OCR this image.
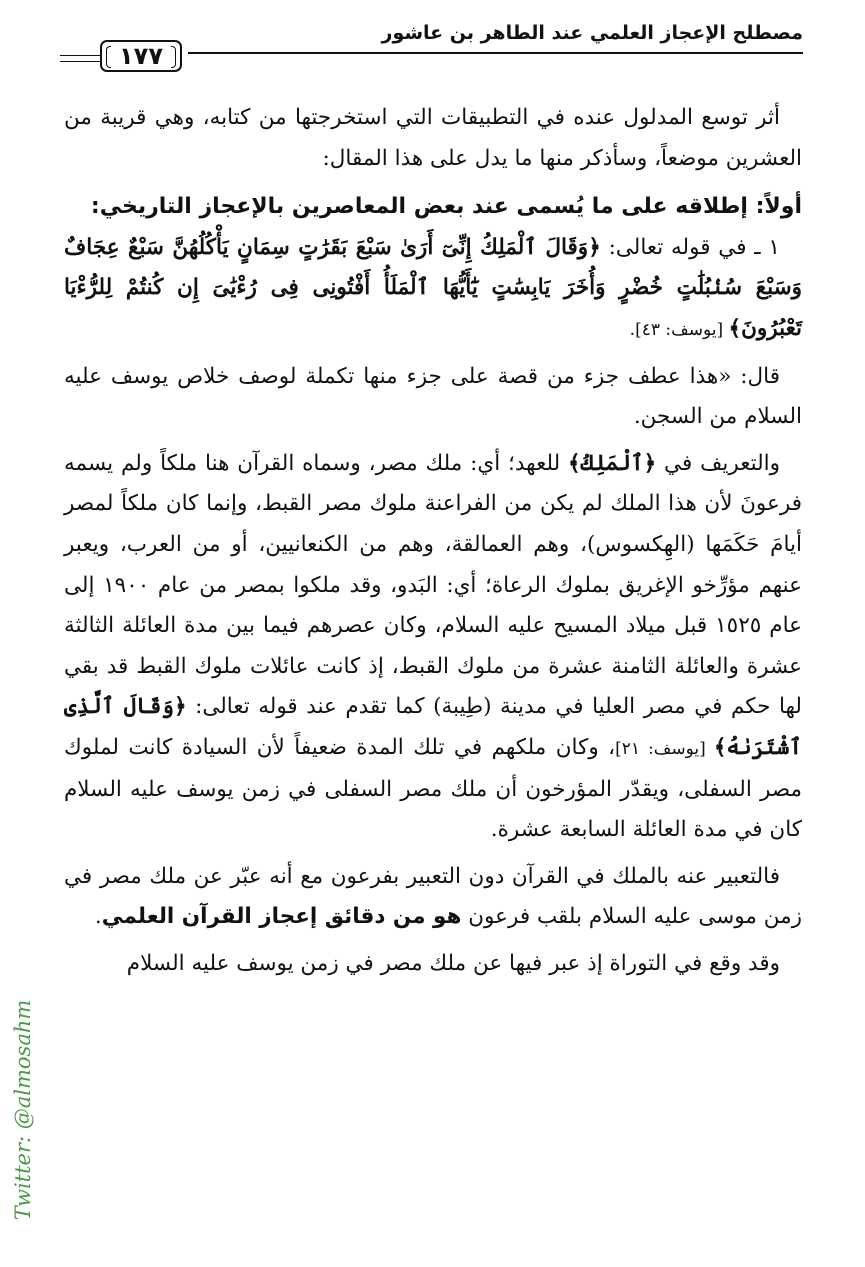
مصطلح الإعجاز العلمي عند الطاهر بن عاشور
١٧٧

أثر توسع المدلول عنده في التطبيقات التي استخرجتها من كتابه، وهي قريبة من العشرين موضعاً، وسأذكر منها ما يدل على هذا المقال:

أولاً: إطلاقه على ما يُسمى عند بعض المعاصرين بالإعجاز التاريخي:

١ ـ في قوله تعالى: ﴿وَقَالَ ٱلْمَلِكُ إِنِّىٓ أَرَىٰ سَبْعَ بَقَرَٰتٍ سِمَانٍ يَأْكُلُهُنَّ سَبْعٌ عِجَافٌ وَسَبْعَ سُنۢبُلَٰتٍ خُضْرٍ وَأُخَرَ يَابِسَٰتٍ يَٰٓأَيُّهَا ٱلْمَلَأُ أَفْتُونِى فِى رُءْيَٰىَ إِن كُنتُمْ لِلرُّءْيَا تَعْبُرُونَ﴾ [يوسف: ٤٣].

قال: «هذا عطف جزء من قصة على جزء منها تكملة لوصف خلاص يوسف عليه السلام من السجن.

والتعريف في ﴿ٱلْمَلِكُ﴾ للعهد؛ أي: ملك مصر، وسماه القرآن هنا ملكاً ولم يسمه فرعونَ لأن هذا الملك لم يكن من الفراعنة ملوك مصر القبط، وإنما كان ملكاً لمصر أيامَ حَكَمَها (الهِكسوس)، وهم العمالقة، وهم من الكنعانيين، أو من العرب، ويعبر عنهم مؤرِّخو الإغريق بملوك الرعاة؛ أي: البَدو، وقد ملكوا بمصر من عام ١٩٠٠ إلى عام ١٥٢٥ قبل ميلاد المسيح عليه السلام، وكان عصرهم فيما بين مدة العائلة الثالثة عشرة والعائلة الثامنة عشرة من ملوك القبط، إذ كانت عائلات ملوك القبط قد بقي لها حكم في مصر العليا في مدينة (طِيبة) كما تقدم عند قوله تعالى: ﴿وَقَالَ ٱلَّذِى ٱشْتَرَىٰهُ﴾ [يوسف: ٢١]، وكان ملكهم في تلك المدة ضعيفاً لأن السيادة كانت لملوك مصر السفلى، ويقدّر المؤرخون أن ملك مصر السفلى في زمن يوسف عليه السلام كان في مدة العائلة السابعة عشرة.

فالتعبير عنه بالملك في القرآن دون التعبير بفرعون مع أنه عبّر عن ملك مصر في زمن موسى عليه السلام بلقب فرعون هو من دقائق إعجاز القرآن العلمي.

وقد وقع في التوراة إذ عبر فيها عن ملك مصر في زمن يوسف عليه السلام

Twitter: @almosahm
